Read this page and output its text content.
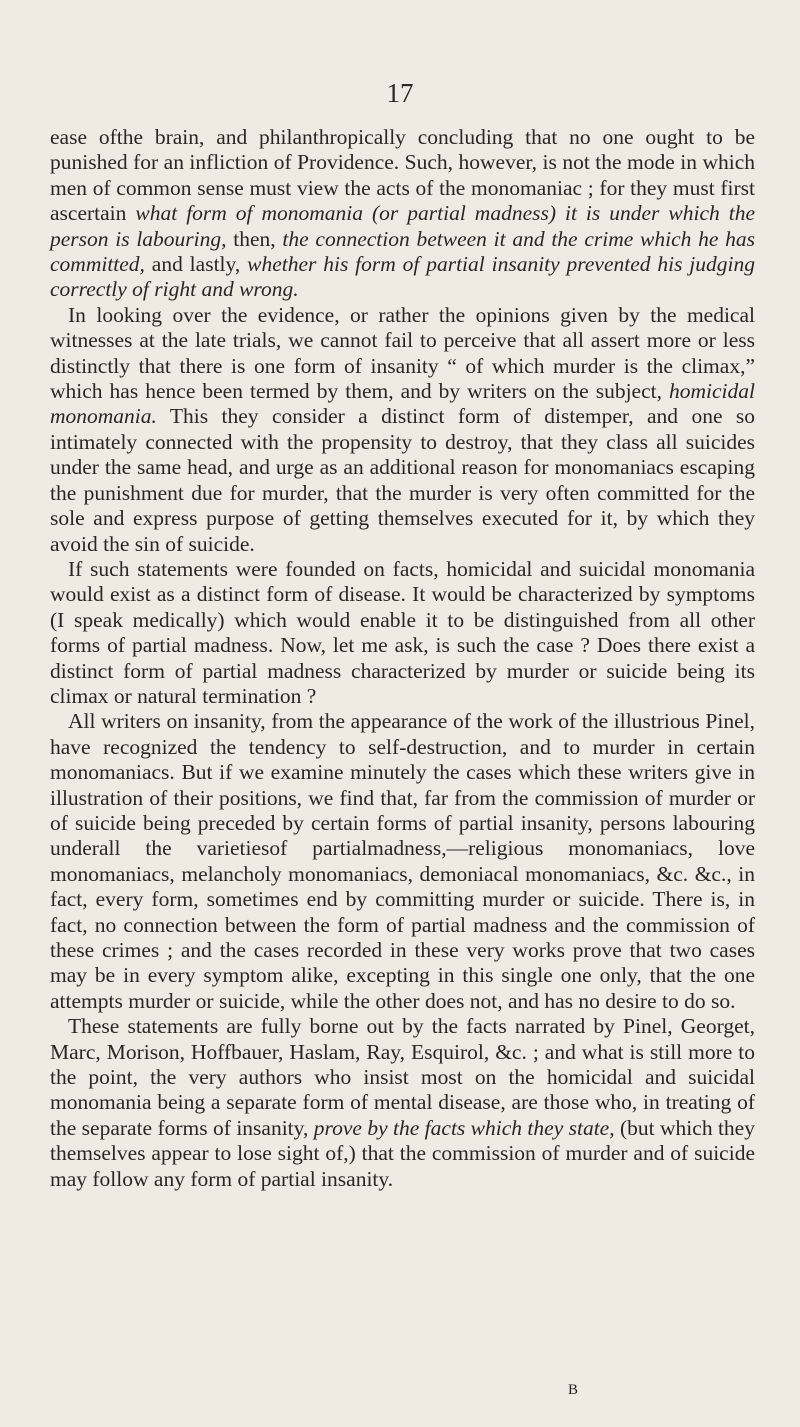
17

ease ofthe brain, and philanthropically concluding that no one ought to be punished for an infliction of Providence. Such, however, is not the mode in which men of common sense must view the acts of the monomaniac ; for they must first ascertain what form of monomania (or partial madness) it is under which the person is labouring, then, the connection between it and the crime which he has committed, and lastly, whether his form of partial insanity prevented his judging correctly of right and wrong.

In looking over the evidence, or rather the opinions given by the medical witnesses at the late trials, we cannot fail to perceive that all assert more or less distinctly that there is one form of insanity “ of which murder is the climax,” which has hence been termed by them, and by writers on the subject, homicidal monomania. This they consider a distinct form of distemper, and one so intimately connected with the propensity to destroy, that they class all suicides under the same head, and urge as an additional reason for monomaniacs escaping the punishment due for murder, that the murder is very often committed for the sole and express purpose of getting themselves executed for it, by which they avoid the sin of suicide.

If such statements were founded on facts, homicidal and suicidal monomania would exist as a distinct form of disease. It would be characterized by symptoms (I speak medically) which would enable it to be distinguished from all other forms of partial madness. Now, let me ask, is such the case ? Does there exist a distinct form of partial madness characterized by murder or suicide being its climax or natural termination ?

All writers on insanity, from the appearance of the work of the illustrious Pinel, have recognized the tendency to self-destruction, and to murder in certain monomaniacs. But if we examine minutely the cases which these writers give in illustration of their positions, we find that, far from the commission of murder or of suicide being preceded by certain forms of partial insanity, persons labouring underall the varietiesof partialmadness,—religious monomaniacs, love monomaniacs, melancholy monomaniacs, demoniacal monomaniacs, &c. &c., in fact, every form, sometimes end by committing murder or suicide. There is, in fact, no connection between the form of partial madness and the commission of these crimes ; and the cases recorded in these very works prove that two cases may be in every symptom alike, excepting in this single one only, that the one attempts murder or suicide, while the other does not, and has no desire to do so.

These statements are fully borne out by the facts narrated by Pinel, Georget, Marc, Morison, Hoffbauer, Haslam, Ray, Esquirol, &c. ; and what is still more to the point, the very authors who insist most on the homicidal and suicidal monomania being a separate form of mental disease, are those who, in treating of the separate forms of insanity, prove by the facts which they state, (but which they themselves appear to lose sight of,) that the commission of murder and of suicide may follow any form of partial insanity.

B
